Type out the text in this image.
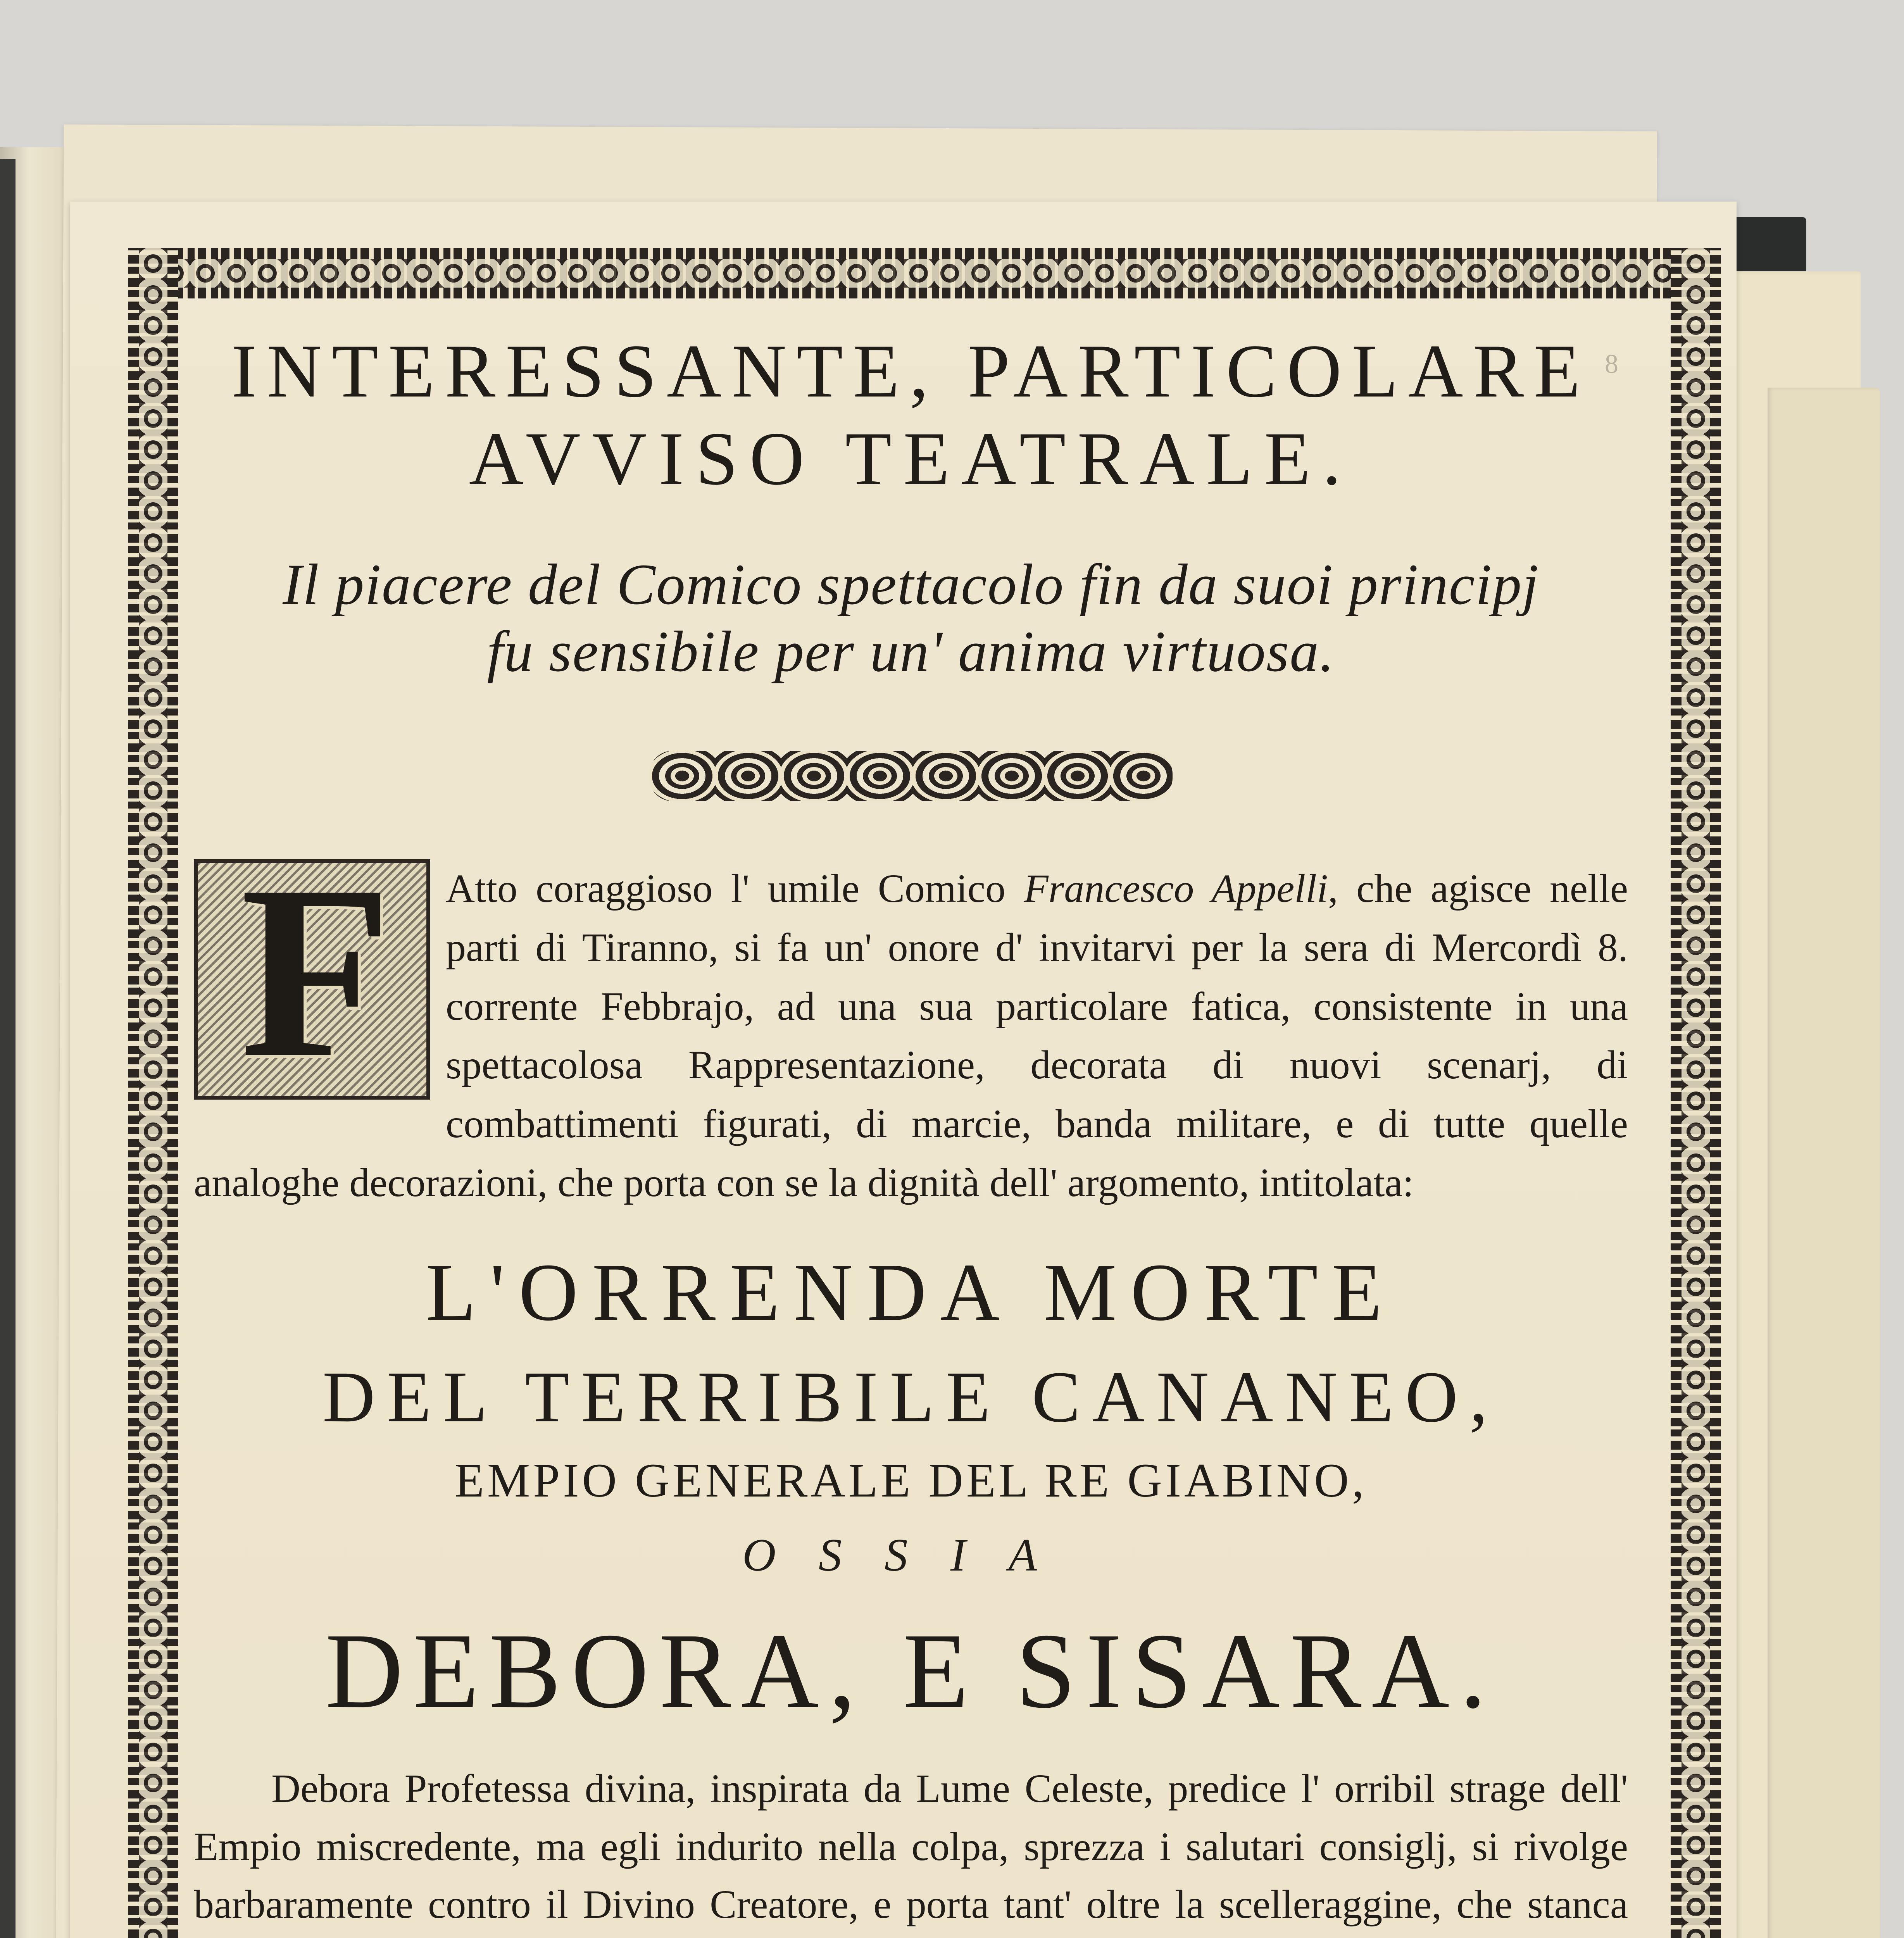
8
INTERESSANTE, PARTICOLARE
AVVISO TEATRALE.

Il piacere del Comico spettacolo fin da suoi principj

fu sensibile per un' anima virtuosa.

F	Atto coraggioso l' umile Comico Francesco Appelli, che agisce nelle parti di Tiranno, si fa un' onore d' invitarvi per la sera di Mercordì 8. corrente Febbrajo, ad una sua particolare fatica, consistente in una spettacolosa Rappresentazione, decorata di nuovi scenarj, di combattimenti figurati, di marcie, banda militare, e di tutte quelle analoghe decorazioni, che porta con se la dignità dell' argomento, intitolata:

L'ORRENDA MORTE
DEL TERRIBILE CANANEO,
EMPIO GENERALE DEL RE GIABINO,
OSSIA
DEBORA, E SISARA.

Debora Profetessa divina, inspirata da Lume Celeste, predice l' orribil strage dell' Empio miscredente, ma egli indurito nella colpa, sprezza i salutari consiglj, si rivolge barbaramente contro il Divino Creatore, e porta tant' oltre la scelleraggine, che stanca
